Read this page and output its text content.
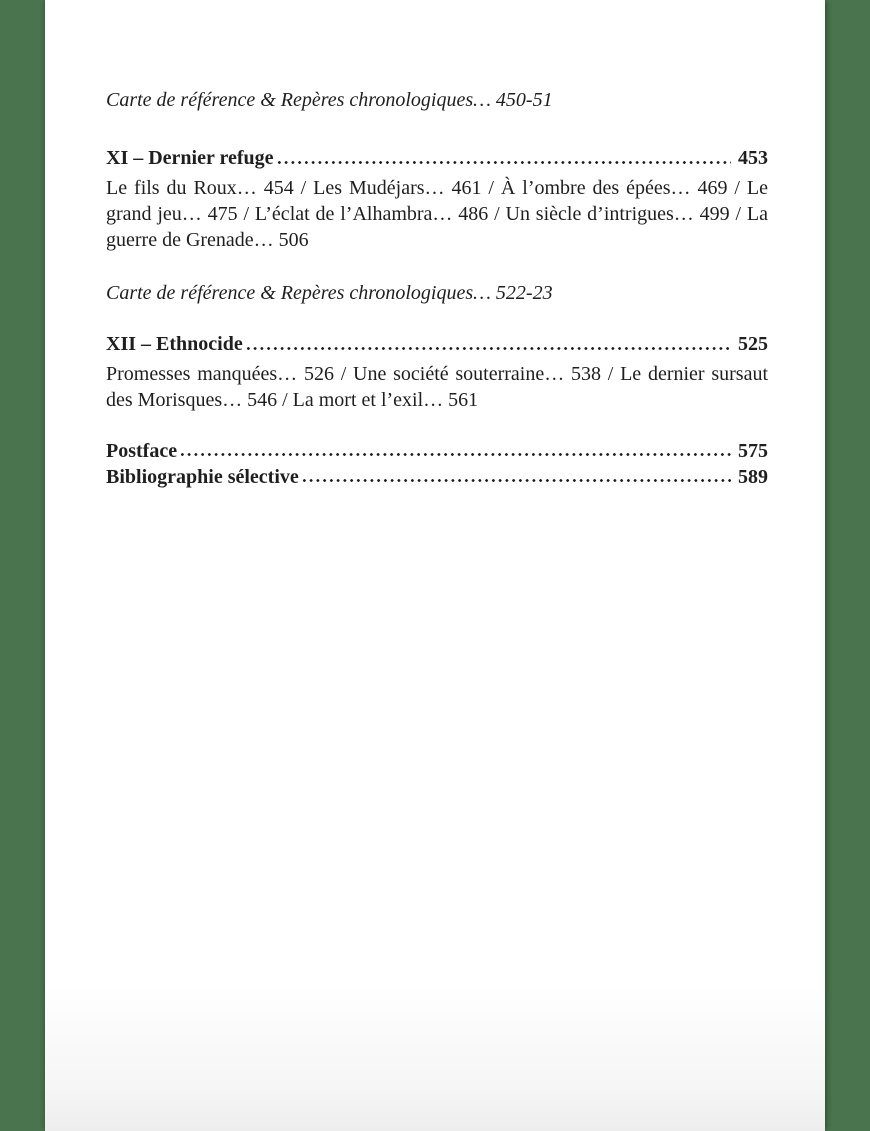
Carte de référence & Repères chronologiques… 450-51

XI – Dernier refuge	453

Le fils du Roux… 454 / Les Mudéjars… 461 / À l’ombre des épées… 469 / Le grand jeu… 475 / L’éclat de l’Alhambra… 486 / Un siècle d’intrigues… 499 / La guerre de Grenade… 506

Carte de référence & Repères chronologiques… 522-23

XII – Ethnocide	525

Promesses manquées… 526 / Une société souterraine… 538 / Le dernier sursaut des Morisques… 546 / La mort et l’exil… 561

Postface	575
Bibliographie sélective	589
